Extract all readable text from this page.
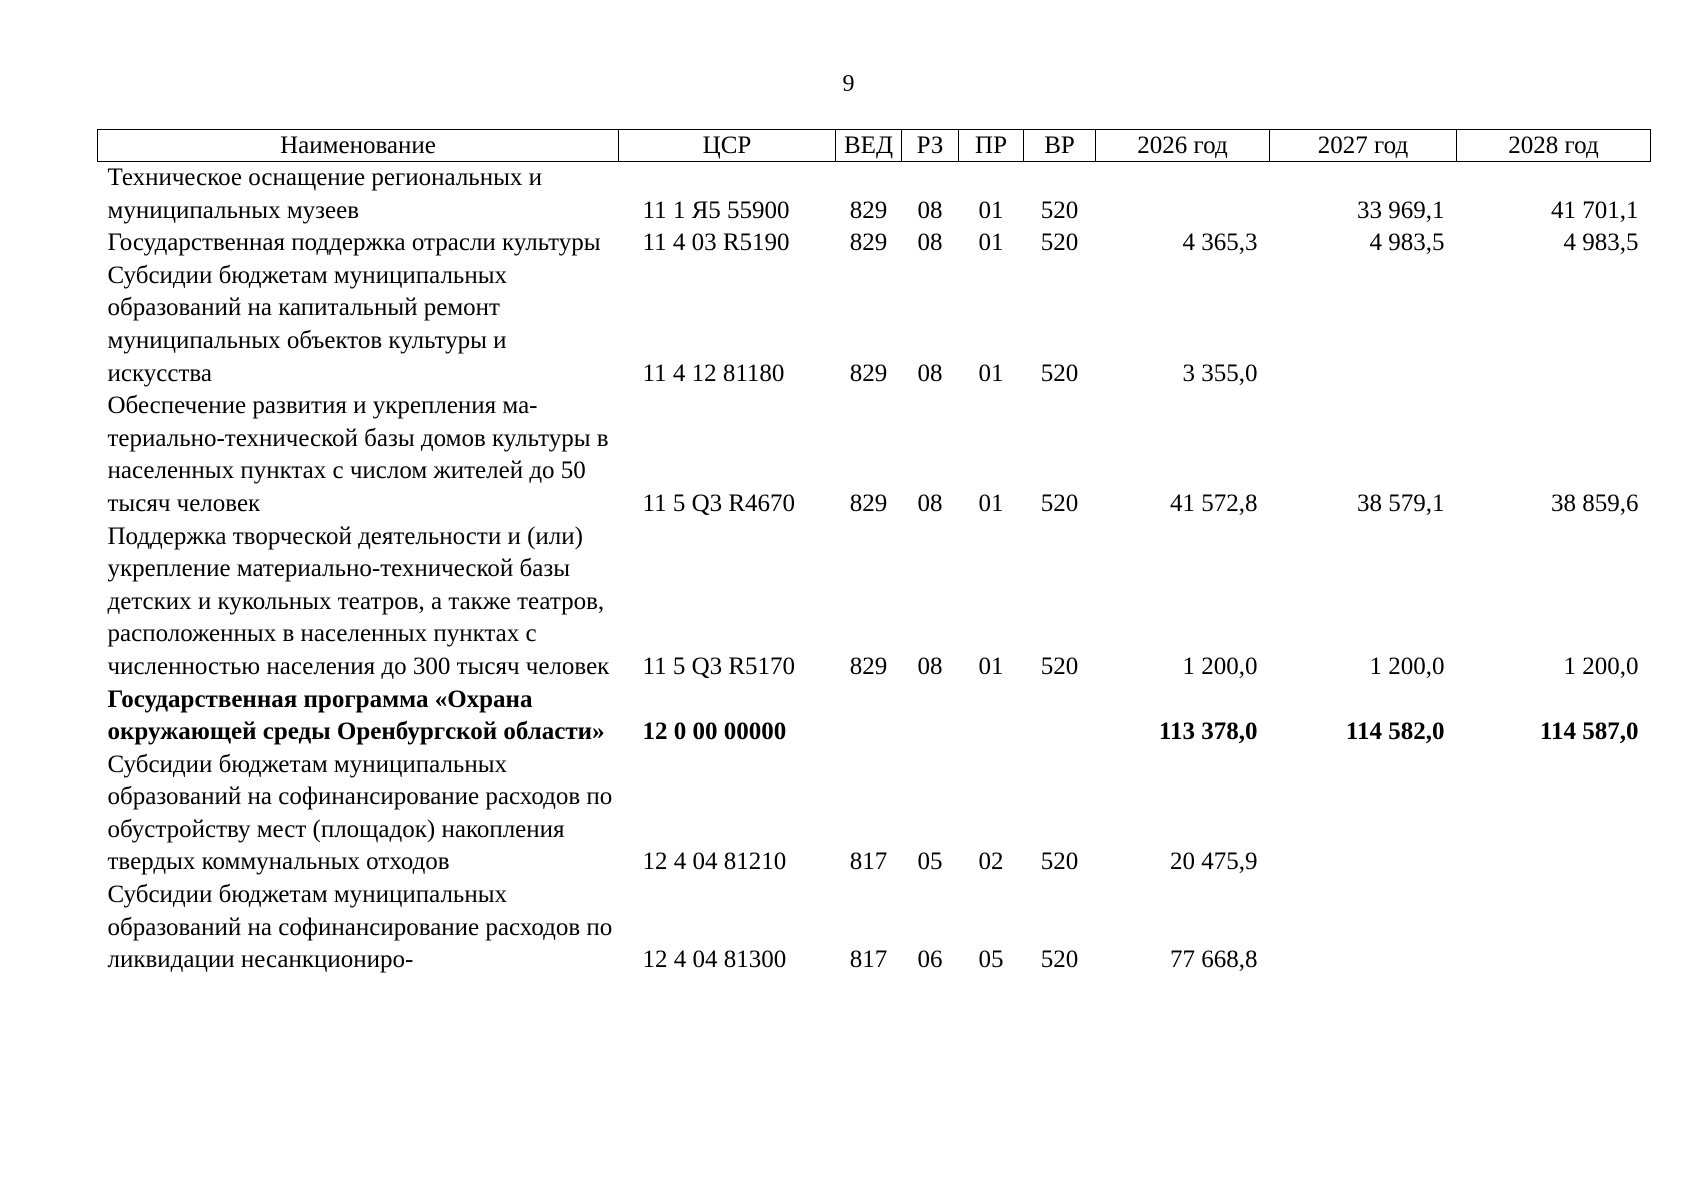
9
Наименование	ЦСР	ВЕД	РЗ	ПР	ВР	2026 год	2027 год	2028 год
Техническое оснащение региональных и муниципальных музеев	11 1 Я5 55900	829	08	01	520		33 969,1	41 701,1
Государственная поддержка отрасли культуры	11 4 03 R5190	829	08	01	520	4 365,3	4 983,5	4 983,5
Субсидии бюджетам муниципальных образований на капитальный ремонт муниципальных объектов культуры и искусства	11 4 12 81180	829	08	01	520	3 355,0		
Обеспечение развития и укрепления материально-технической базы домов культуры в населенных пунктах с числом жителей до 50 тысяч человек	11 5 Q3 R4670	829	08	01	520	41 572,8	38 579,1	38 859,6
Поддержка творческой деятельности и (или) укрепление материально-технической базы детских и кукольных театров, а также театров, расположенных в населенных пунктах с численностью населения до 300 тысяч человек	11 5 Q3 R5170	829	08	01	520	1 200,0	1 200,0	1 200,0
Государственная программа «Охрана окружающей среды Оренбургской области»	12 0 00 00000					113 378,0	114 582,0	114 587,0
Субсидии бюджетам муниципальных образований на софинансирование расходов по обустройству мест (площадок) накопления твердых коммунальных отходов	12 4 04 81210	817	05	02	520	20 475,9		
Субсидии бюджетам муниципальных образований на софинансирование расходов по ликвидации несанкциониро-	12 4 04 81300	817	06	05	520	77 668,8		
